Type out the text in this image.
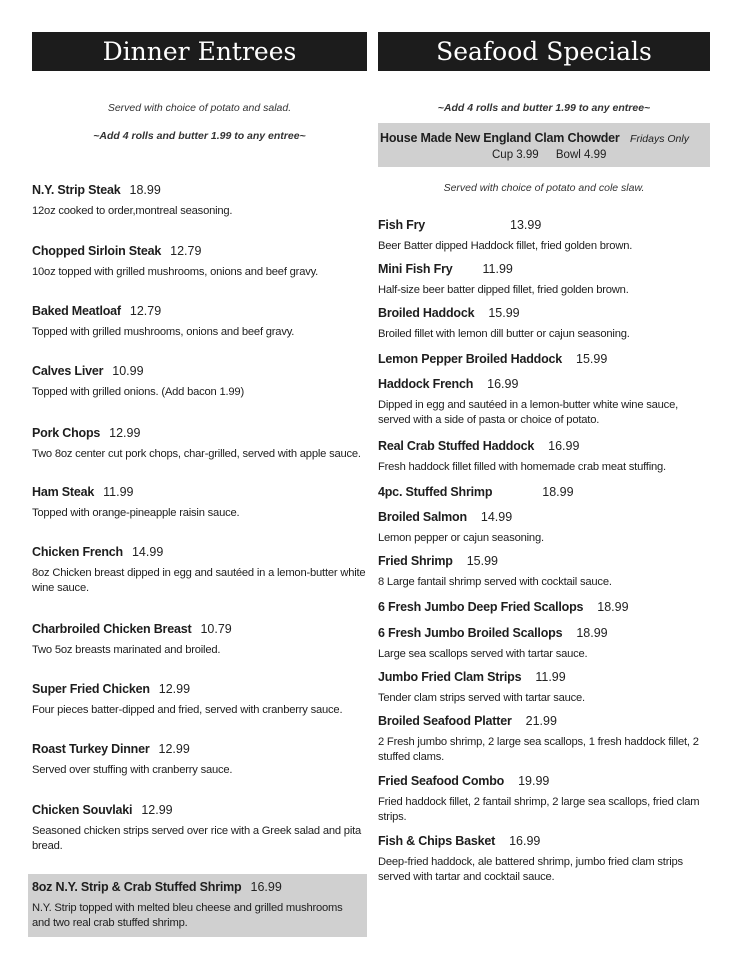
Dinner Entrees
Served with choice of potato and salad.
~Add 4 rolls and butter 1.99 to any entree~
N.Y. Strip Steak 18.99
12oz cooked to order,montreal seasoning.
Chopped Sirloin Steak 12.79
10oz topped with grilled mushrooms, onions and beef gravy.
Baked Meatloaf 12.79
Topped with grilled mushrooms, onions and beef gravy.
Calves Liver 10.99
Topped with grilled onions. (Add bacon 1.99)
Pork Chops 12.99
Two 8oz center cut pork chops, char-grilled, served with apple sauce.
Ham Steak 11.99
Topped with orange-pineapple raisin sauce.
Chicken French 14.99
8oz Chicken breast dipped in egg and sautéed in a lemon-butter white wine sauce.
Charbroiled Chicken Breast 10.79
Two 5oz breasts marinated and broiled.
Super Fried Chicken 12.99
Four pieces batter-dipped and fried, served with cranberry sauce.
Roast Turkey Dinner 12.99
Served over stuffing with cranberry sauce.
Chicken Souvlaki 12.99
Seasoned chicken strips served over rice with a Greek salad and pita bread.
8oz N.Y. Strip & Crab Stuffed Shrimp 16.99
N.Y. Strip topped with melted bleu cheese and grilled mushrooms and two real crab stuffed shrimp.
Seafood Specials
~Add 4 rolls and butter 1.99 to any entree~
House Made New England Clam Chowder Fridays Only
Cup 3.99 Bowl 4.99
Served with choice of potato and cole slaw.
Fish Fry	13.99
Beer Batter dipped Haddock fillet, fried golden brown.
Mini Fish Fry 11.99
Half-size beer batter dipped fillet, fried golden brown.
Broiled Haddock 15.99
Broiled fillet with lemon dill butter or cajun seasoning.
Lemon Pepper Broiled Haddock 15.99
Haddock French 16.99
Dipped in egg and sautéed in a lemon-butter white wine sauce, served with a side of pasta or choice of potato.
Real Crab Stuffed Haddock 16.99
Fresh haddock fillet filled with homemade crab meat stuffing.
4pc. Stuffed Shrimp	18.99
Broiled Salmon 14.99
Lemon pepper or cajun seasoning.
Fried Shrimp 15.99
8 Large fantail shrimp served with cocktail sauce.
6 Fresh Jumbo Deep Fried Scallops 18.99
6 Fresh Jumbo Broiled Scallops 18.99
Large sea scallops served with tartar sauce.
Jumbo Fried Clam Strips 11.99
Tender clam strips served with tartar sauce.
Broiled Seafood Platter 21.99
2 Fresh jumbo shrimp, 2 large sea scallops, 1 fresh haddock fillet, 2 stuffed clams.
Fried Seafood Combo 19.99
Fried haddock fillet, 2 fantail shrimp, 2 large sea scallops, fried clam strips.
Fish & Chips Basket 16.99
Deep-fried haddock, ale battered shrimp, jumbo fried clam strips served with tartar and cocktail sauce.
